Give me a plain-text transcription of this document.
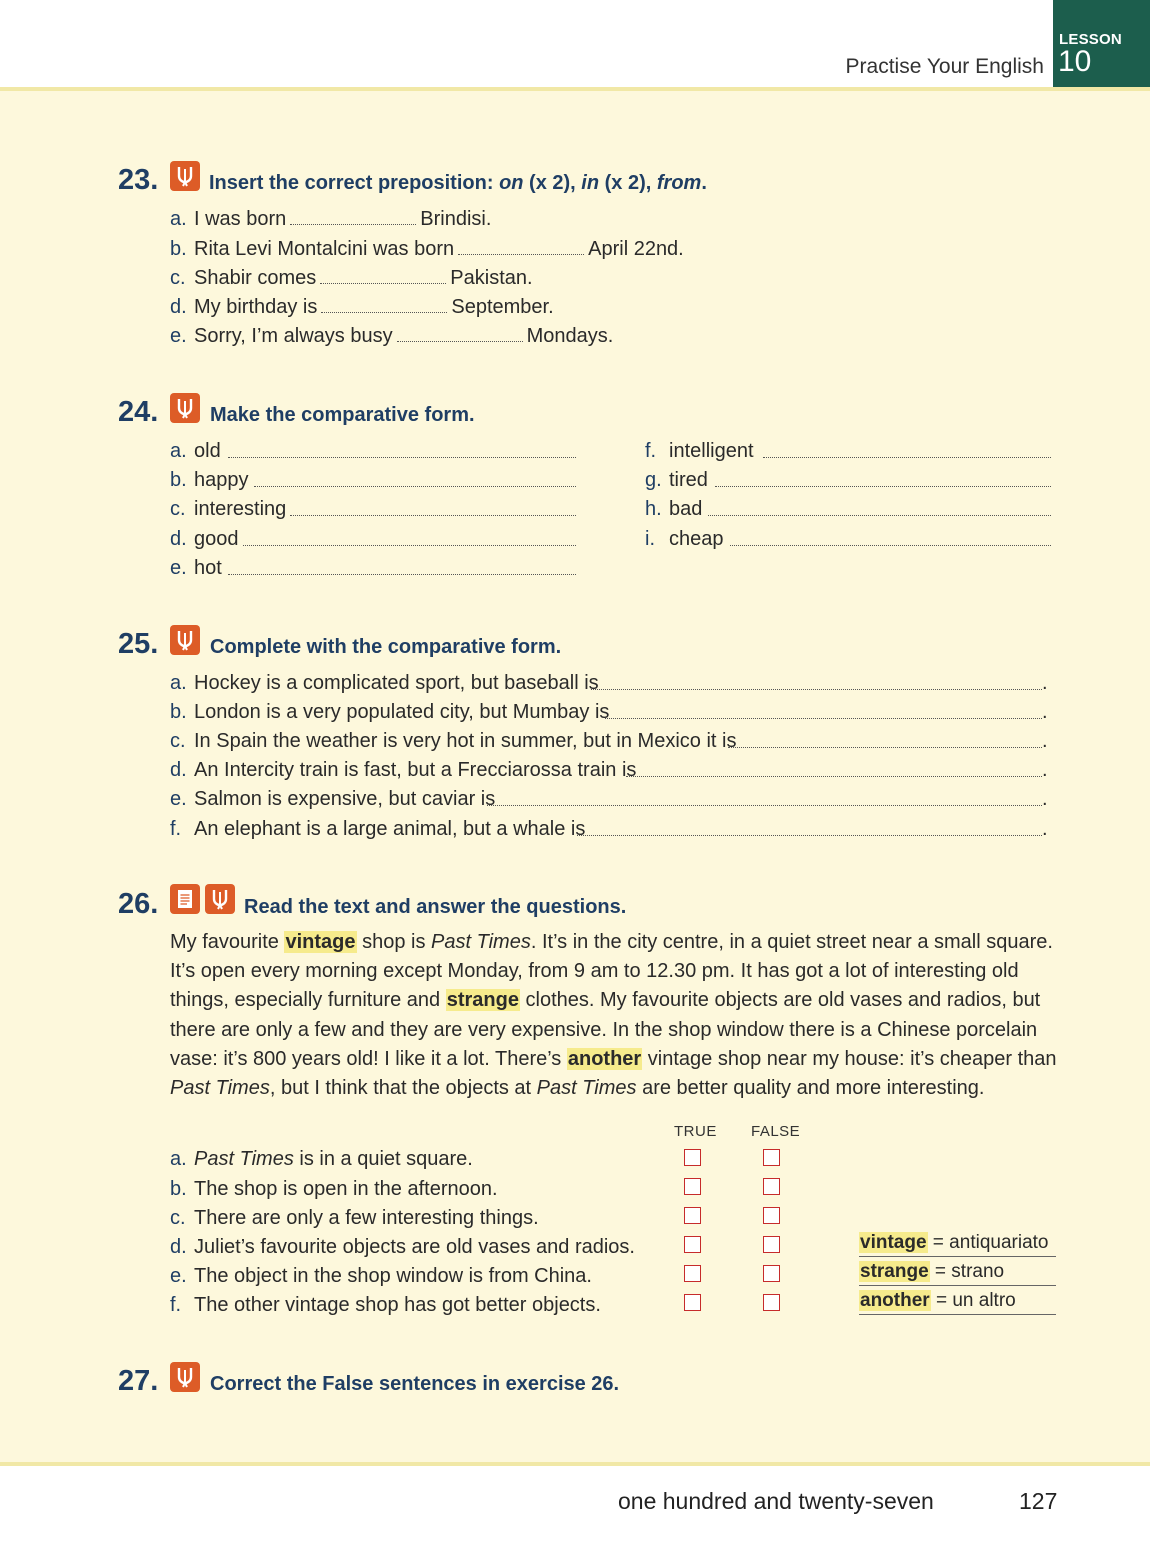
Practise Your English
LESSON
10
23.	Insert the correct preposition: on (x 2), in (x 2), from.
a. I was born	Brindisi.
b. Rita Levi Montalcini was born	April 22nd.
c. Shabir comes	Pakistan.
d. My birthday is	September.
e. Sorry, I’m always busy	Mondays.
24.	Make the comparative form.
a. old
b. happy
c. interesting
d. good
e. hot
f. intelligent
g. tired
h. bad
i. cheap
25.	Complete with the comparative form.
a. Hockey is a complicated sport, but baseball is	.
b. London is a very populated city, but Mumbay is	.
c. In Spain the weather is very hot in summer, but in Mexico it is	.
d. An Intercity train is fast, but a Frecciarossa train is	.
e. Salmon is expensive, but caviar is	.
f. An elephant is a large animal, but a whale is	.
26.	Read the text and answer the questions.
My favourite vintage shop is Past Times. It’s in the city centre, in a quiet street near a small square. It’s open every morning except Monday, from 9 am to 12.30 pm. It has got a lot of interesting old things, especially furniture and strange clothes. My favourite objects are old vases and radios, but there are only a few and they are very expensive. In the shop window there is a Chinese porcelain vase: it’s 800 years old! I like it a lot. There’s another vintage shop near my house: it’s cheaper than Past Times, but I think that the objects at Past Times are better quality and more interesting.
TRUE FALSE
a. Past Times is in a quiet square.
b. The shop is open in the afternoon.
c. There are only a few interesting things.
d. Juliet’s favourite objects are old vases and radios.
e. The object in the shop window is from China.
f. The other vintage shop has got better objects.
vintage = antiquariato
strange = strano
another = un altro
27.	Correct the False sentences in exercise 26.
one hundred and twenty-seven	127
